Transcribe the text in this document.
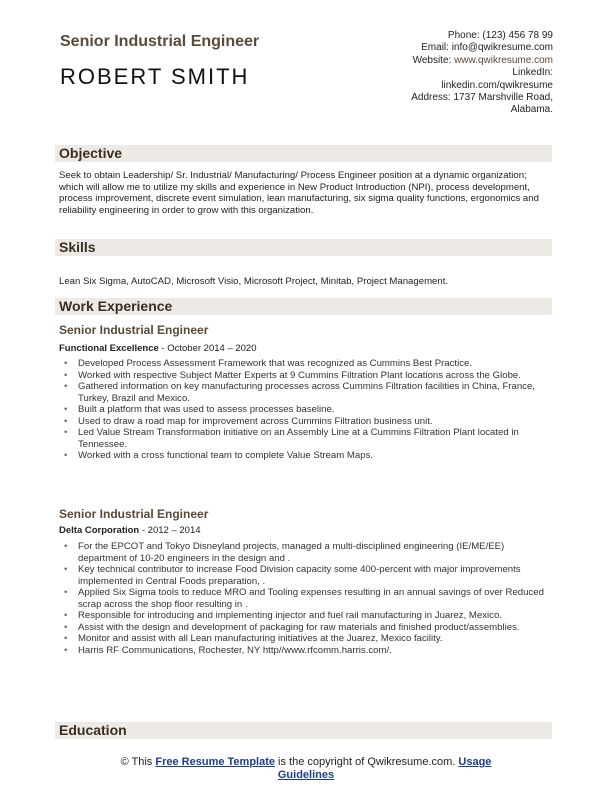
Senior Industrial Engineer
ROBERT SMITH
Phone: (123) 456 78 99
Email: info@qwikresume.com
Website: www.qwikresume.com
LinkedIn:
linkedin.com/qwikresume
Address: 1737 Marshville Road,
Alabama.
Objective
Seek to obtain Leadership/ Sr. Industrial/ Manufacturing/ Process Engineer position at a dynamic organization; which will allow me to utilize my skills and experience in New Product Introduction (NPI), process development, process improvement, discrete event simulation, lean manufacturing, six sigma quality functions, ergonomics and reliability engineering in order to grow with this organization.
Skills
Lean Six Sigma, AutoCAD, Microsoft Visio, Microsoft Project, Minitab, Project Management.
Work Experience
Senior Industrial Engineer
Functional Excellence - October 2014 – 2020
• Developed Process Assessment Framework that was recognized as Cummins Best Practice.
• Worked with respective Subject Matter Experts at 9 Cummins Filtration Plant locations across the Globe.
• Gathered information on key manufacturing processes across Cummins Filtration facilities in China, France, Turkey, Brazil and Mexico.
• Built a platform that was used to assess processes baseline.
• Used to draw a road map for improvement across Cummins Filtration business unit.
• Led Value Stream Transformation initiative on an Assembly Line at a Cummins Filtration Plant located in Tennessee.
• Worked with a cross functional team to complete Value Stream Maps.
Senior Industrial Engineer
Delta Corporation - 2012 – 2014
• For the EPCOT and Tokyo Disneyland projects, managed a multi-disciplined engineering (IE/ME/EE) department of 10-20 engineers in the design and .
• Key technical contributor to increase Food Division capacity some 400-percent with major improvements implemented in Central Foods preparation, .
• Applied Six Sigma tools to reduce MRO and Tooling expenses resulting in an annual savings of over Reduced scrap across the shop floor resulting in .
• Responsible for introducing and implementing injector and fuel rail manufacturing in Juarez, Mexico.
• Assist with the design and development of packaging for raw materials and finished product/assemblies.
• Monitor and assist with all Lean manufacturing initiatives at the Juarez, Mexico facility.
• Harris RF Communications, Rochester, NY http//www.rfcomm.harris.com/.
Education
© This Free Resume Template is the copyright of Qwikresume.com. Usage
Guidelines
